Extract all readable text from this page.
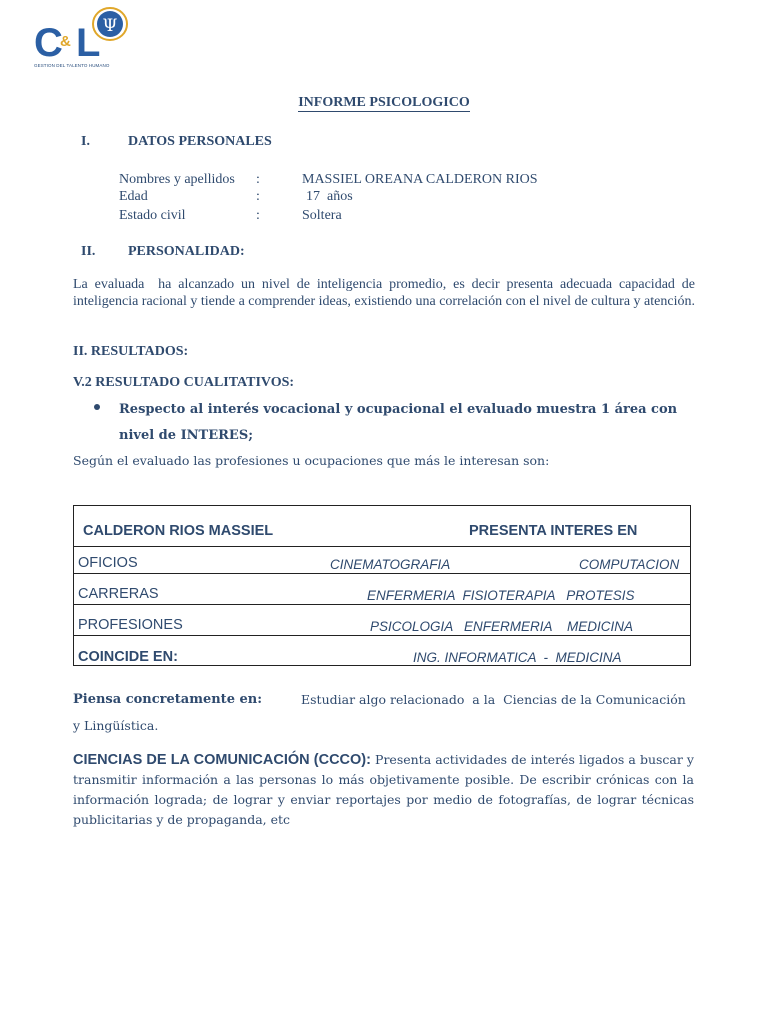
Ψ
C
& L
GESTION DEL TALENTO HUMANO
INFORME PSICOLOGICO
I.	DATOS PERSONALES
Nombres y apellidos :	MASSIEL OREANA CALDERON RIOS
Edad	:	17  años
Estado civil	:	Soltera
II. PERSONALIDAD:
La evaluada  ha alcanzado un nivel de inteligencia promedio, es decir presenta adecuada capacidad de inteligencia racional y tiende a comprender ideas, existiendo una correlación con el nivel de cultura y atención.
II. RESULTADOS:
V.2 RESULTADO CUALITATIVOS:
Respecto al interés vocacional y ocupacional el evaluado muestra 1 área con nivel de INTERES;
Según el evaluado las profesiones u ocupaciones que más le interesan son:
CALDERON RIOS MASSIEL	PRESENTA INTERES EN
OFICIOS	CINEMATOGRAFIA	COMPUTACION
CARRERAS	ENFERMERIA  FISIOTERAPIA   PROTESIS
PROFESIONES	PSICOLOGIA   ENFERMERIA    MEDICINA
COINCIDE EN:	ING. INFORMATICA  -  MEDICINA
Piensa concretamente en:	Estudiar algo relacionado  a la  Ciencias de la Comunicación
y Lingüística.
CIENCIAS DE LA COMUNICACIÓN (CCCO): Presenta actividades de interés ligados a buscar y transmitir información a las personas lo más objetivamente posible. De escribir crónicas con la información lograda; de lograr y enviar reportajes por medio de fotografías, de lograr técnicas publicitarias y de propaganda, etc
